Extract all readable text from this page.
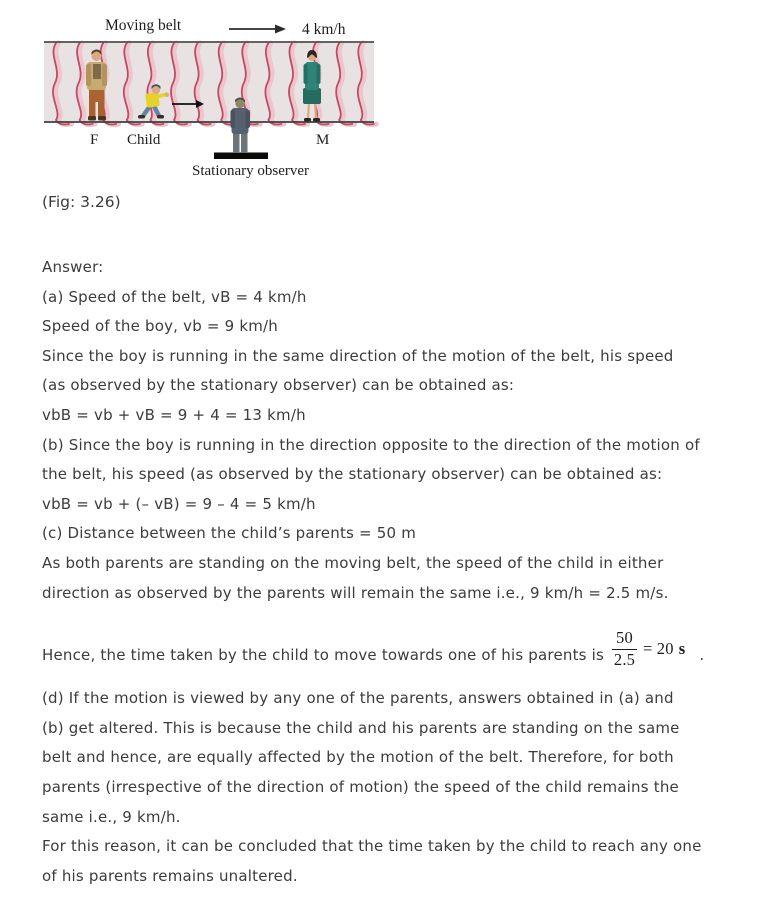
Moving belt	4 km/h
F Child	M
Stationary observer
(Fig: 3.26)
Answer:
(a) Speed of the belt, vB = 4 km/h
Speed of the boy, vb = 9 km/h
Since the boy is running in the same direction of the motion of the belt, his speed
(as observed by the stationary observer) can be obtained as:
vbB = vb + vB = 9 + 4 = 13 km/h
(b) Since the boy is running in the direction opposite to the direction of the motion of
the belt, his speed (as observed by the stationary observer) can be obtained as:
vbB = vb + (– vB) = 9 – 4 = 5 km/h
(c) Distance between the child’s parents = 50 m
As both parents are standing on the moving belt, the speed of the child in either
direction as observed by the parents will remain the same i.e., 9 km/h = 2.5 m/s.
Hence, the time taken by the child to move towards one of his parents is $\frac{50}{2.5} = 20$ s .
(d) If the motion is viewed by any one of the parents, answers obtained in (a) and
(b) get altered. This is because the child and his parents are standing on the same
belt and hence, are equally affected by the motion of the belt. Therefore, for both
parents (irrespective of the direction of motion) the speed of the child remains the
same i.e., 9 km/h.
For this reason, it can be concluded that the time taken by the child to reach any one
of his parents remains unaltered.
